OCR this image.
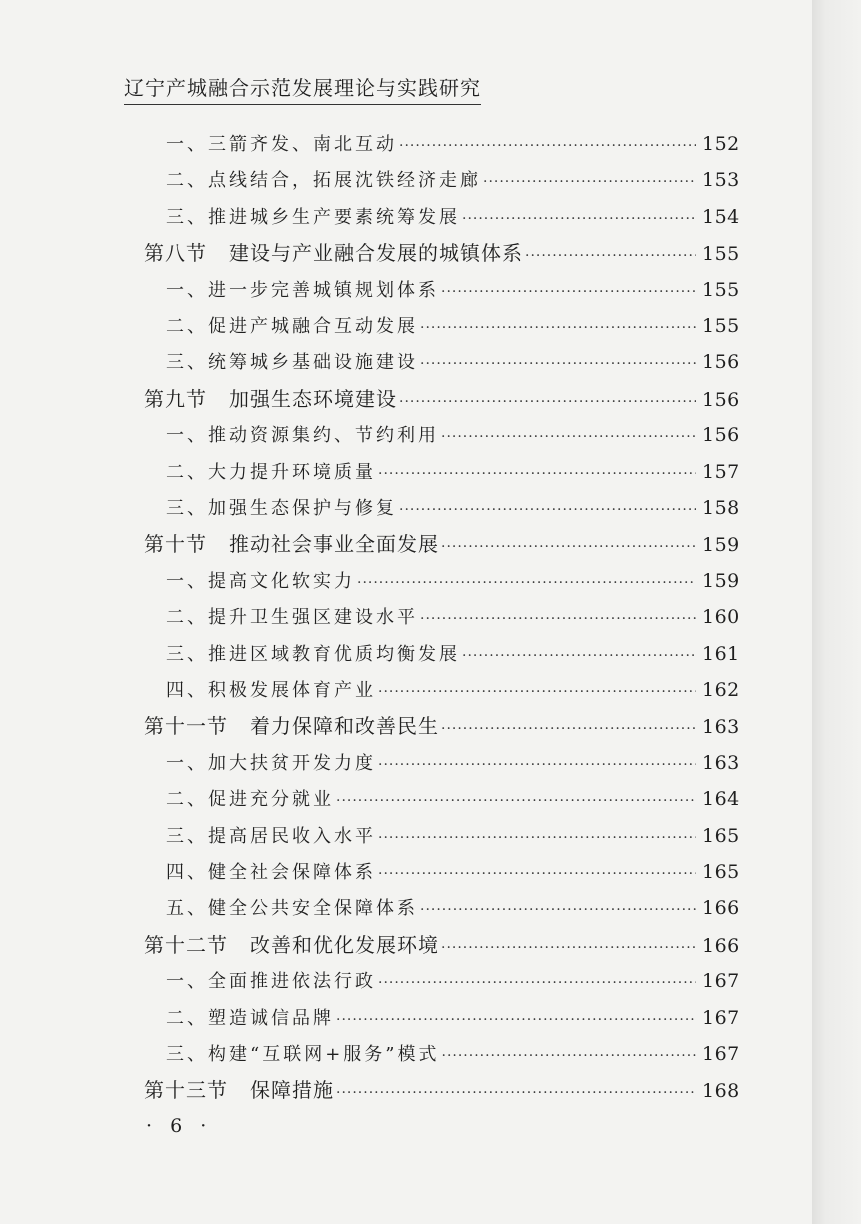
辽宁产城融合示范发展理论与实践研究
一、三箭齐发、南北互动 ·····	152
二、点线结合，拓展沈铁经济走廊 ·····	153
三、推进城乡生产要素统筹发展 ·····	154
第八节 建设与产业融合发展的城镇体系 ·····	155
一、进一步完善城镇规划体系 ·····	155
二、促进产城融合互动发展 ·····	155
三、统筹城乡基础设施建设 ·····	156
第九节 加强生态环境建设 ·····	156
一、推动资源集约、节约利用 ·····	156
二、大力提升环境质量 ·····	157
三、加强生态保护与修复 ·····	158
第十节 推动社会事业全面发展 ·····	159
一、提高文化软实力 ·····	159
二、提升卫生强区建设水平 ·····	160
三、推进区域教育优质均衡发展 ·····	161
四、积极发展体育产业 ·····	162
第十一节 着力保障和改善民生 ·····	163
一、加大扶贫开发力度 ·····	163
二、促进充分就业 ·····	164
三、提高居民收入水平 ·····	165
四、健全社会保障体系 ·····	165
五、健全公共安全保障体系 ·····	166
第十二节 改善和优化发展环境 ·····	166
一、全面推进依法行政 ·····	167
二、塑造诚信品牌 ·····	167
三、构建“互联网+服务”模式 ·····	167
第十三节 保障措施 ·····	168
· 6 ·
